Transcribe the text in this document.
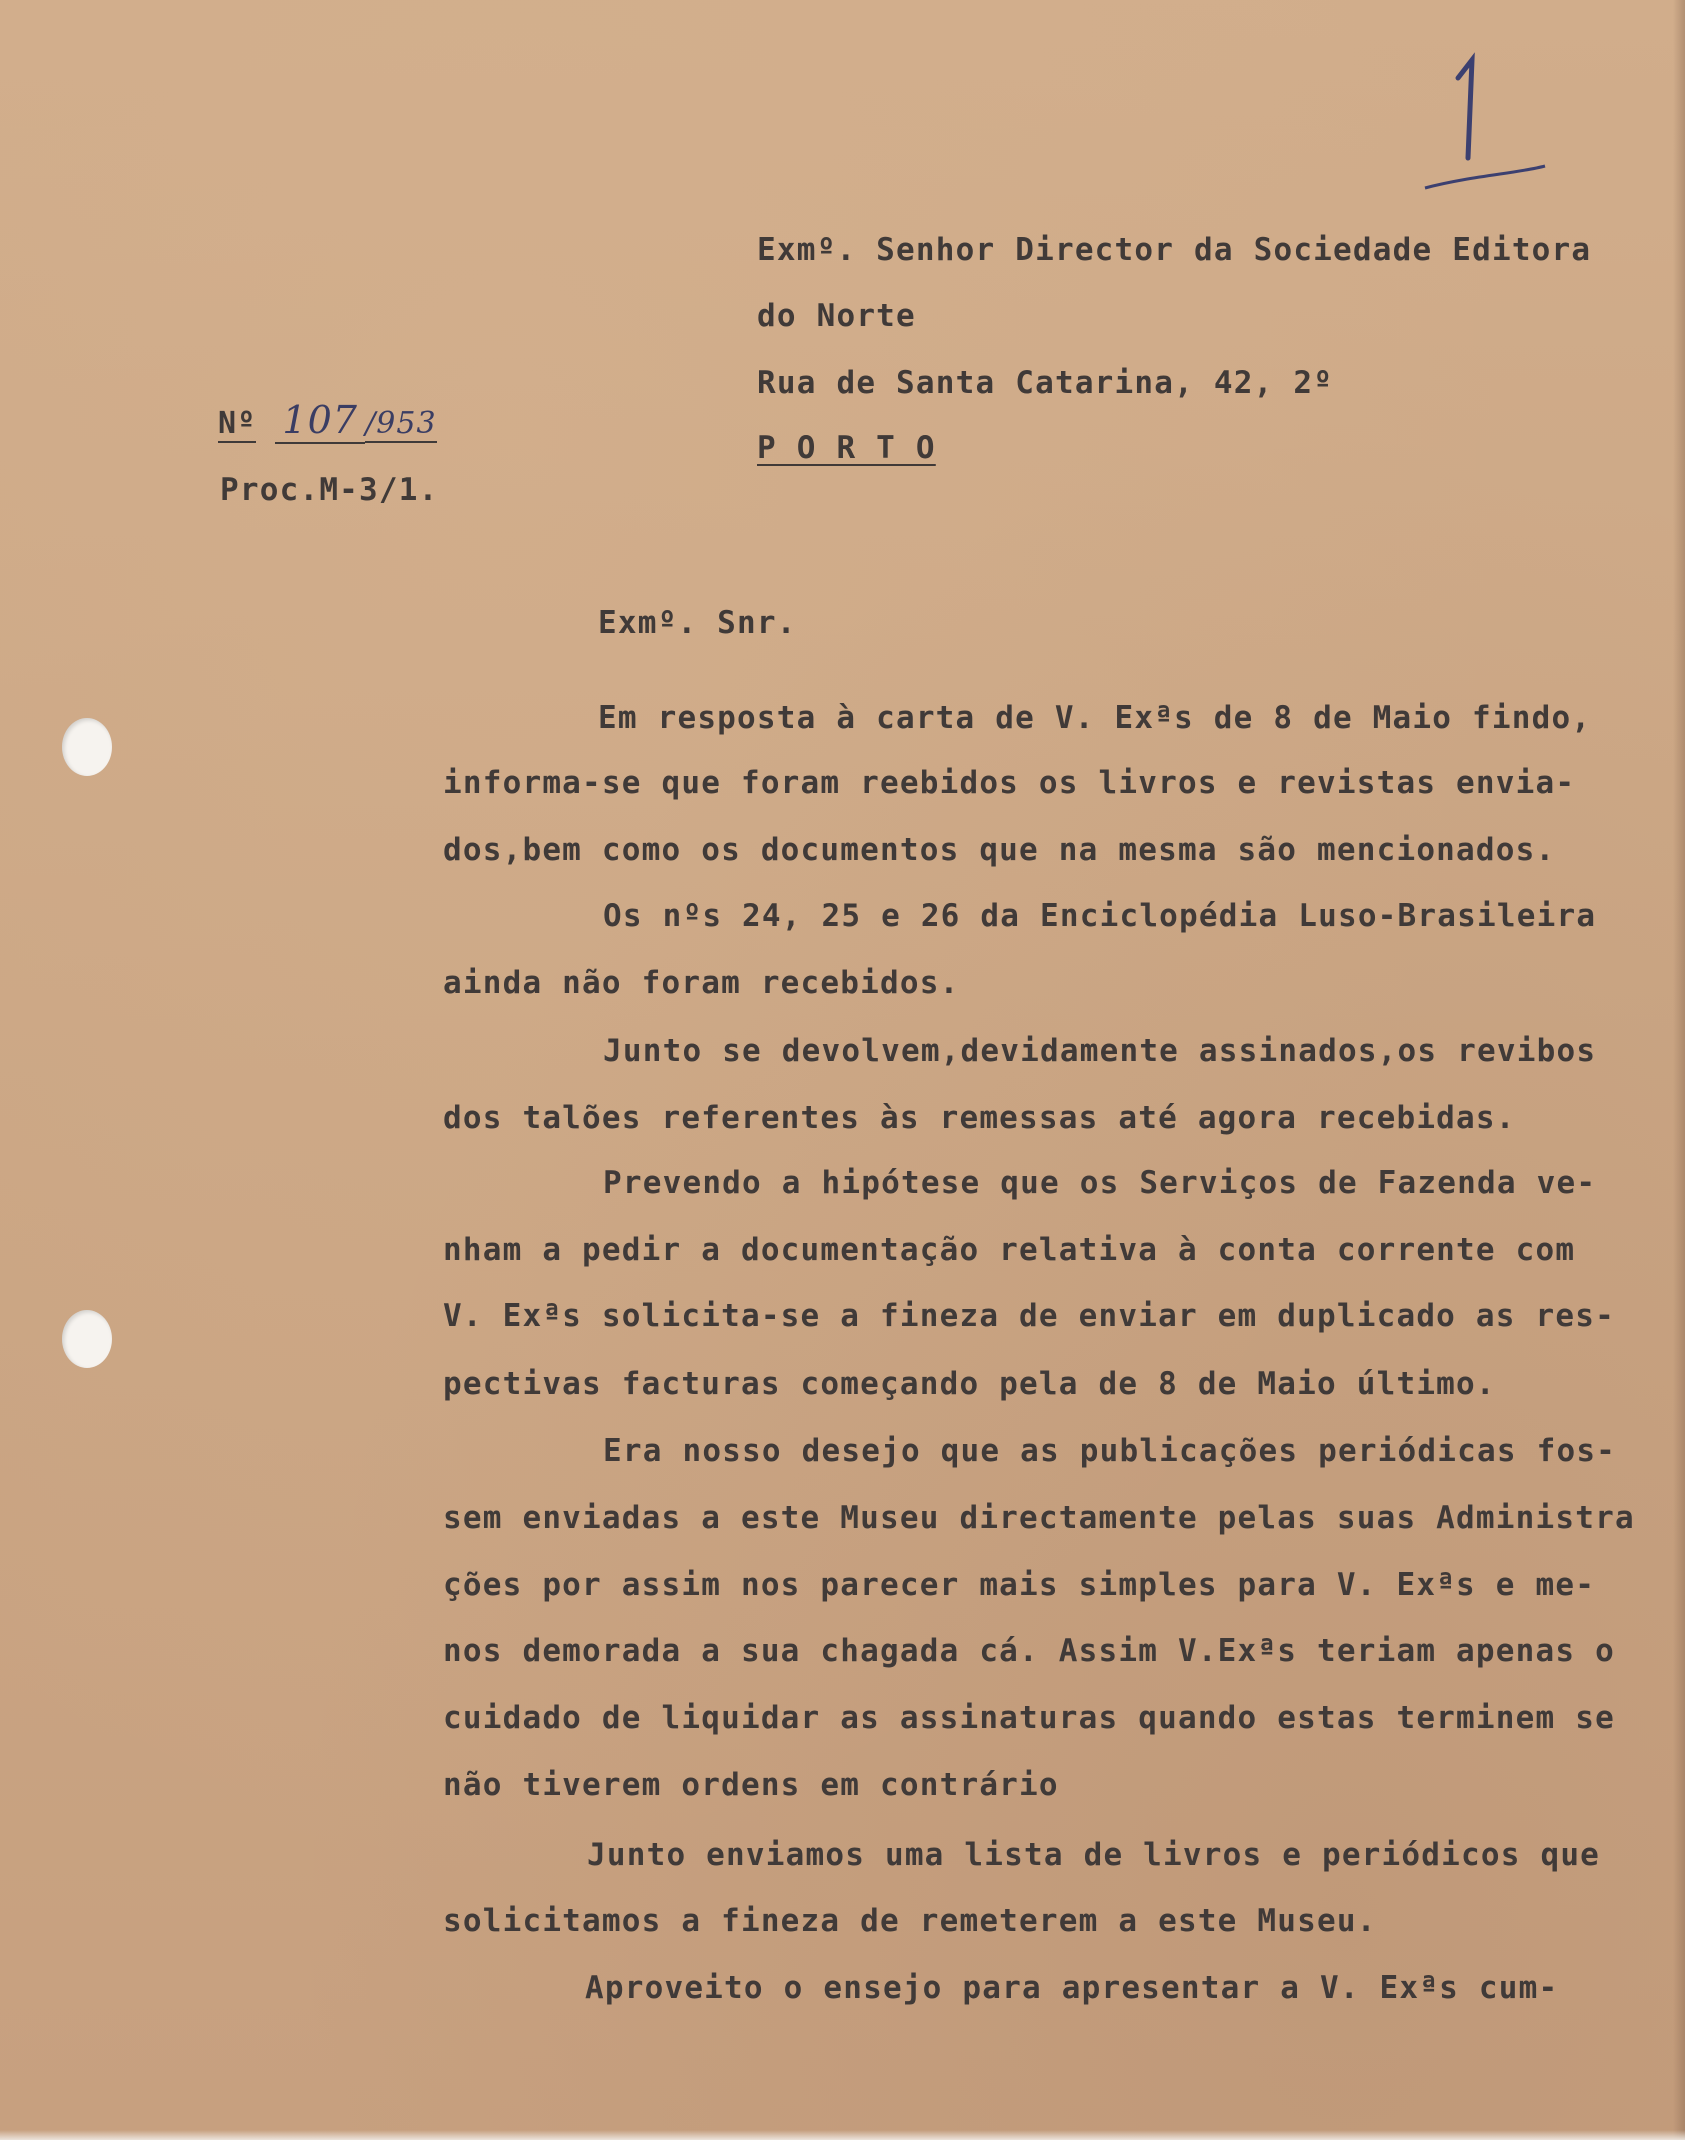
Exmº. Senhor Director da Sociedade Editora
do Norte
Rua de Santa Catarina, 42, 2º
P O R T O
Nº 107 /953
Proc.M-3/1.
Exmº. Snr.
Em resposta à carta de V. Exªs de 8 de Maio findo,
informa-se que foram reebidos os livros e revistas envia-
dos,bem como os documentos que na mesma são mencionados.
Os nºs 24, 25 e 26 da Enciclopédia Luso-Brasileira
ainda não foram recebidos.
Junto se devolvem,devidamente assinados,os revibos
dos talões referentes às remessas até agora recebidas.
Prevendo a hipótese que os Serviços de Fazenda ve-
nham a pedir a documentação relativa à conta corrente com
V. Exªs solicita-se a fineza de enviar em duplicado as res-
pectivas facturas começando pela de 8 de Maio último.
Era nosso desejo que as publicações periódicas fos-
sem enviadas a este Museu directamente pelas suas Administra
ções por assim nos parecer mais simples para V. Exªs e me-
nos demorada a sua chagada cá. Assim V.Exªs teriam apenas o
cuidado de liquidar as assinaturas quando estas terminem se
não tiverem ordens em contrário
Junto enviamos uma lista de livros e periódicos que
solicitamos a fineza de remeterem a este Museu.
Aproveito o ensejo para apresentar a V. Exªs cum-
